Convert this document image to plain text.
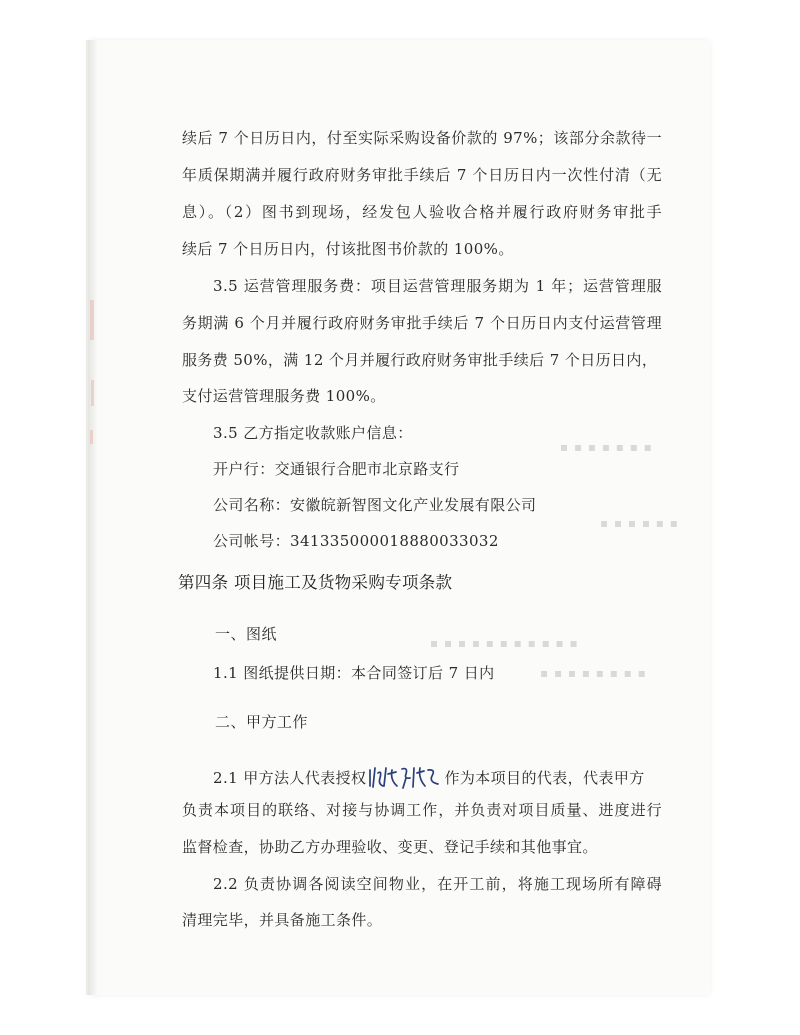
▪ ▪ ▪ ▪ ▪ ▪ ▪
▪ ▪ ▪ ▪ ▪ ▪
▪ ▪ ▪ ▪ ▪ ▪ ▪ ▪ ▪ ▪ ▪
▪ ▪ ▪ ▪ ▪ ▪ ▪ ▪
续后 7 个日历日内，付至实际采购设备价款的 97%；该部分余款待一
年质保期满并履行政府财务审批手续后 7 个日历日内一次性付清（无
息）。（2）图书到现场，经发包人验收合格并履行政府财务审批手
续后 7 个日历日内，付该批图书价款的 100%。
3.5 运营管理服务费：项目运营管理服务期为 1 年；运营管理服
务期满 6 个月并履行政府财务审批手续后 7 个日历日内支付运营管理
服务费 50%，满 12 个月并履行政府财务审批手续后 7 个日历日内，
支付运营管理服务费 100%。
3.5 乙方指定收款账户信息：
开户行：交通银行合肥市北京路支行
公司名称：安徽皖新智图文化产业发展有限公司
公司帐号：341335000018880033032
第四条 项目施工及货物采购专项条款
一、图纸
1.1 图纸提供日期：本合同签订后 7 日内
二、甲方工作
2.1 甲方法人代表授权	作为本项目的代表，代表甲方
负责本项目的联络、对接与协调工作，并负责对项目质量、进度进行
监督检查，协助乙方办理验收、变更、登记手续和其他事宜。
2.2 负责协调各阅读空间物业，在开工前，将施工现场所有障碍
清理完毕，并具备施工条件。
